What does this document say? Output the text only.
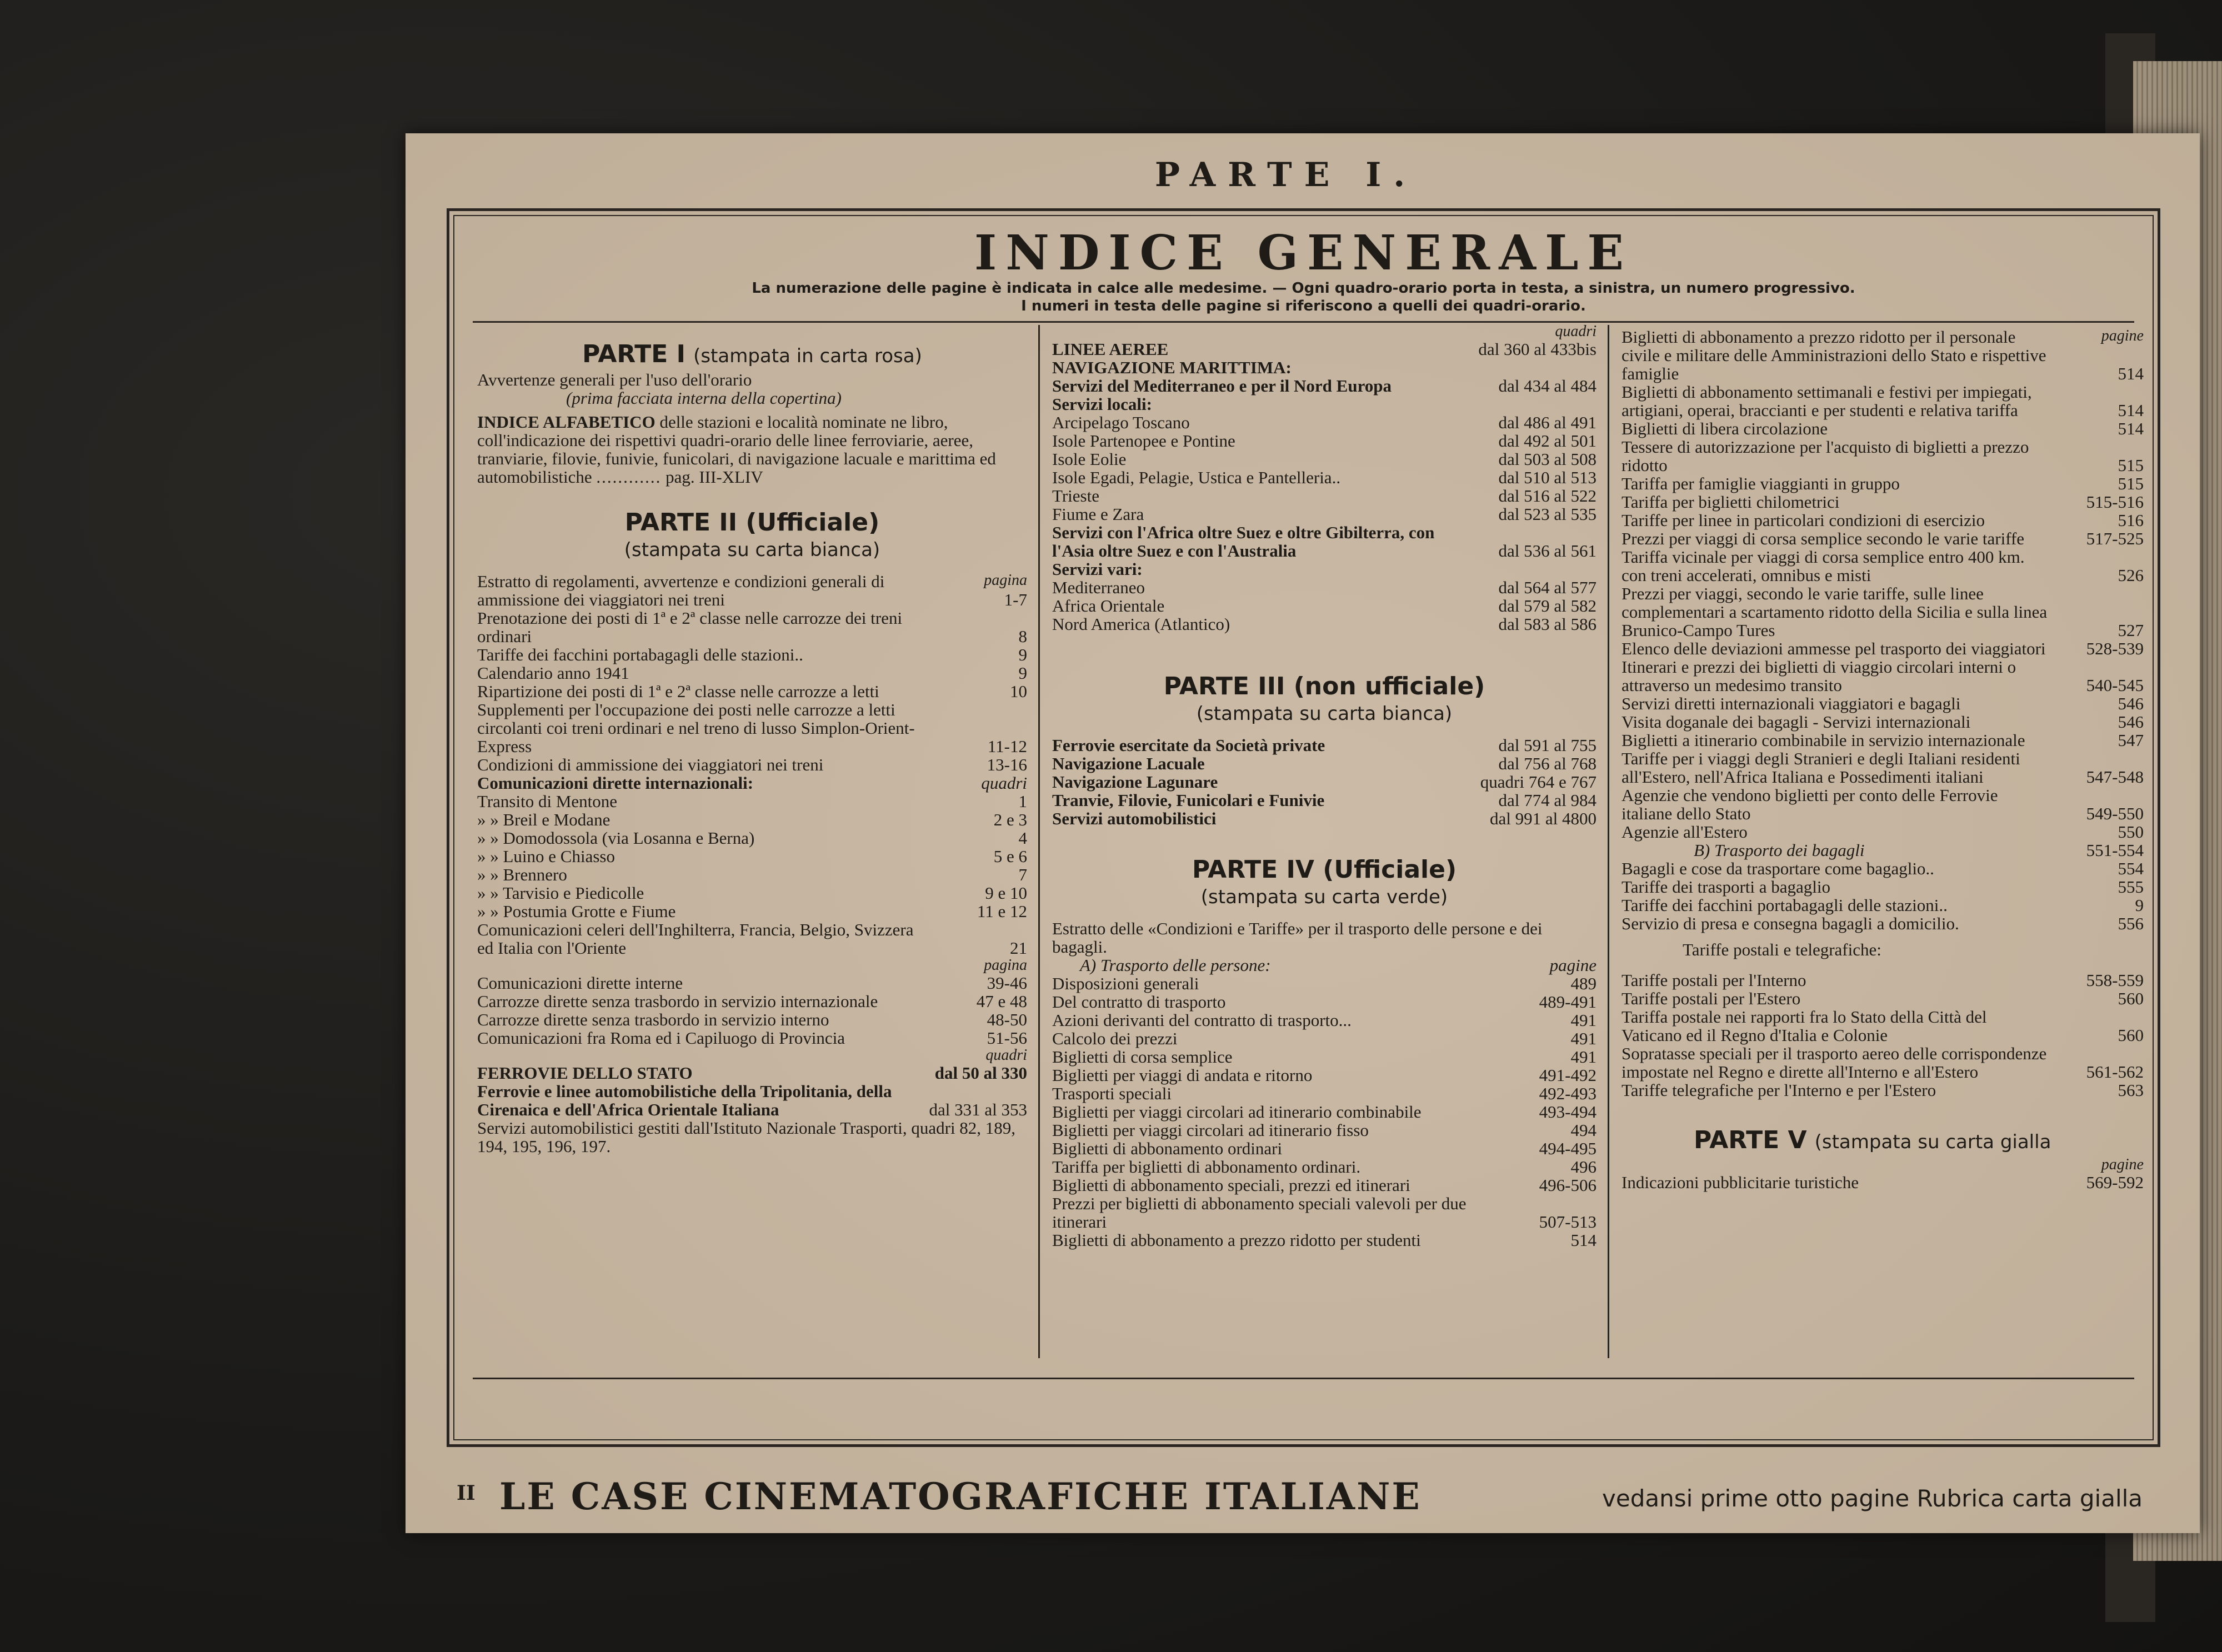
PARTE I.
INDICE GENERALE
La numerazione delle pagine è indicata in calce alle medesime. — Ogni quadro-orario porta in testa, a sinistra, un numero progressivo.
I numeri in testa delle pagine si riferiscono a quelli dei quadri-orario.
PARTE I (stampata in carta rosa)
Avvertenze generali per l'uso dell'orario
(prima facciata interna della copertina)
INDICE ALFABETICO delle stazioni e località nominate ne libro, coll'indicazione dei rispettivi quadri-orario delle linee ferroviarie, aeree, tranviarie, filovie, funivie, funicolari, di navigazione lacuale e marittima ed automobilistiche ............ pag. III-XLIV
PARTE II (Ufficiale)
(stampata su carta bianca)
pagina
Estratto di regolamenti, avvertenze e condizioni generali di ammissione dei viaggiatori nei treni	1-7
Prenotazione dei posti di 1ª e 2ª classe nelle carrozze dei treni ordinari	8
Tariffe dei facchini portabagagli delle stazioni..	9
Calendario anno 1941	9
Ripartizione dei posti di 1ª e 2ª classe nelle carrozze a letti	10
Supplementi per l'occupazione dei posti nelle carrozze a letti circolanti coi treni ordinari e nel treno di lusso Simplon-Orient-Express	11-12
Condizioni di ammissione dei viaggiatori nei treni	13-16
Comunicazioni dirette internazionali:	quadri
Transito di Mentone	1
» » Breil e Modane	2 e 3
» » Domodossola (via Losanna e Berna)	4
» » Luino e Chiasso	5 e 6
» » Brennero	7
» » Tarvisio e Piedicolle	9 e 10
» » Postumia Grotte e Fiume	11 e 12
Comunicazioni celeri dell'Inghilterra, Francia, Belgio, Svizzera ed Italia con l'Oriente	21
pagina
Comunicazioni dirette interne	39-46
Carrozze dirette senza trasbordo in servizio internazionale	47 e 48
Carrozze dirette senza trasbordo in servizio interno	48-50
Comunicazioni fra Roma ed i Capiluogo di Provincia	51-56
quadri
FERROVIE DELLO STATO	dal 50 al 330
Ferrovie e linee automobilistiche della Tripolitania, della Cirenaica e dell'Africa Orientale Italiana	dal 331 al 353
Servizi automobilistici gestiti dall'Istituto Nazionale Trasporti, quadri 82, 189, 194, 195, 196, 197.
quadri
LINEE AEREE	dal 360 al 433bis
NAVIGAZIONE MARITTIMA:
Servizi del Mediterraneo e per il Nord Europa	dal 434 al 484
Servizi locali:
Arcipelago Toscano	dal 486 al 491
Isole Partenopee e Pontine	dal 492 al 501
Isole Eolie	dal 503 al 508
Isole Egadi, Pelagie, Ustica e Pantelleria..	dal 510 al 513
Trieste	dal 516 al 522
Fiume e Zara	dal 523 al 535
Servizi con l'Africa oltre Suez e oltre Gibilterra, con l'Asia oltre Suez e con l'Australia	dal 536 al 561
Servizi vari:
Mediterraneo	dal 564 al 577
Africa Orientale	dal 579 al 582
Nord America (Atlantico)	dal 583 al 586
PARTE III (non ufficiale)
(stampata su carta bianca)
Ferrovie esercitate da Società private	dal 591 al 755
Navigazione Lacuale	dal 756 al 768
Navigazione Lagunare	quadri 764 e 767
Tranvie, Filovie, Funicolari e Funivie	dal 774 al 984
Servizi automobilistici	dal 991 al 4800
PARTE IV (Ufficiale)
(stampata su carta verde)
Estratto delle «Condizioni e Tariffe» per il trasporto delle persone e dei bagagli.
A) Trasporto delle persone:	pagine
Disposizioni generali	489
Del contratto di trasporto	489-491
Azioni derivanti del contratto di trasporto...	491
Calcolo dei prezzi	491
Biglietti di corsa semplice	491
Biglietti per viaggi di andata e ritorno	491-492
Trasporti speciali	492-493
Biglietti per viaggi circolari ad itinerario combinabile	493-494
Biglietti per viaggi circolari ad itinerario fisso	494
Biglietti di abbonamento ordinari	494-495
Tariffa per biglietti di abbonamento ordinari.	496
Biglietti di abbonamento speciali, prezzi ed itinerari	496-506
Prezzi per biglietti di abbonamento speciali valevoli per due itinerari	507-513
Biglietti di abbonamento a prezzo ridotto per studenti	514
pagine
Biglietti di abbonamento a prezzo ridotto per il personale civile e militare delle Amministrazioni dello Stato e rispettive famiglie	514
Biglietti di abbonamento settimanali e festivi per impiegati, artigiani, operai, braccianti e per studenti e relativa tariffa	514
Biglietti di libera circolazione	514
Tessere di autorizzazione per l'acquisto di biglietti a prezzo ridotto	515
Tariffa per famiglie viaggianti in gruppo	515
Tariffa per biglietti chilometrici	515-516
Tariffe per linee in particolari condizioni di esercizio	516
Prezzi per viaggi di corsa semplice secondo le varie tariffe	517-525
Tariffa vicinale per viaggi di corsa semplice entro 400 km. con treni accelerati, omnibus e misti	526
Prezzi per viaggi, secondo le varie tariffe, sulle linee complementari a scartamento ridotto della Sicilia e sulla linea Brunico-Campo Tures	527
Elenco delle deviazioni ammesse pel trasporto dei viaggiatori	528-539
Itinerari e prezzi dei biglietti di viaggio circolari interni o attraverso un medesimo transito	540-545
Servizi diretti internazionali viaggiatori e bagagli	546
Visita doganale dei bagagli - Servizi internazionali	546
Biglietti a itinerario combinabile in servizio internazionale	547
Tariffe per i viaggi degli Stranieri e degli Italiani residenti all'Estero, nell'Africa Italiana e Possedimenti italiani	547-548
Agenzie che vendono biglietti per conto delle Ferrovie italiane dello Stato	549-550
Agenzie all'Estero	550
B) Trasporto dei bagagli	551-554
Bagagli e cose da trasportare come bagaglio..	554
Tariffe dei trasporti a bagaglio	555
Tariffe dei facchini portabagagli delle stazioni..	9
Servizio di presa e consegna bagagli a domicilio.	556
Tariffe postali e telegrafiche:
Tariffe postali per l'Interno	558-559
Tariffe postali per l'Estero	560
Tariffa postale nei rapporti fra lo Stato della Città del Vaticano ed il Regno d'Italia e Colonie	560
Sopratasse speciali per il trasporto aereo delle corrispondenze impostate nel Regno e dirette all'Interno e all'Estero	561-562
Tariffe telegrafiche per l'Interno e per l'Estero	563
PARTE V (stampata su carta gialla
pagine
Indicazioni pubblicitarie turistiche	569-592
II LE CASE CINEMATOGRAFICHE ITALIANE	vedansi prime otto pagine Rubrica carta gialla
